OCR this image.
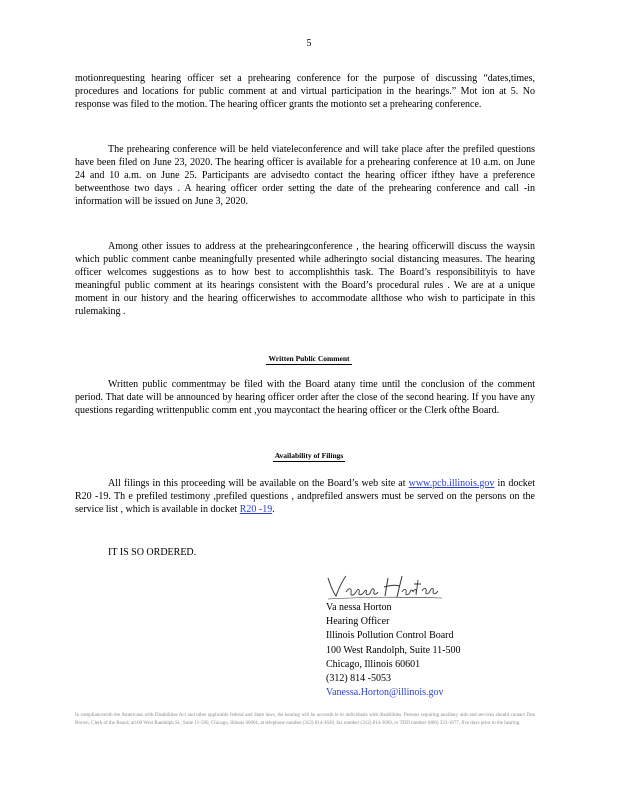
5

motionrequesting hearing officer set a prehearing conference for the purpose of discussing “dates,times, procedures and locations for public comment at and virtual participation in the hearings.” Mot ion at 5. No response was filed to the motion. The hearing officer grants the motionto set a prehearing conference.

The prehearing conference will be held viateleconference and will take place after the prefiled questions have been filed on June 23, 2020. The hearing officer is available for a prehearing conference at 10 a.m. on June 24 and 10 a.m. on June 25. Participants are advisedto contact the hearing officer ifthey have a preference betweenthose two days . A hearing officer order setting the date of the prehearing conference and call -in information will be issued on June 3, 2020.

Among other issues to address at the prehearingconference , the hearing officerwill discuss the waysin which public comment canbe meaningfully presented while adheringto social distancing measures. The hearing officer welcomes suggestions as to how best to accomplishthis task. The Board’s responsibilityis to have meaningful public comment at its hearings consistent with the Board’s procedural rules . We are at a unique moment in our history and the hearing officerwishes to accommodate allthose who wish to participate in this rulemaking .

Written Public Comment

Written public commentmay be filed with the Board atany time until the conclusion of the comment period. That date will be announced by hearing officer order after the close of the second hearing. If you have any questions regarding writtenpublic comm ent ,you maycontact the hearing officer or the Clerk ofthe Board.

Availability of Filings

All filings in this proceeding will be available on the Board’s web site at www.pcb.illinois.gov in docket R20 -19. Th e prefiled testimony ,prefiled questions , andprefiled answers must be served on the persons on the service list , which is available in docket R20 -19.

IT IS SO ORDERED.
Va nessa Horton
Hearing Officer
Illinois Pollution Control Board
100 West Randolph, Suite 11-500
Chicago, Illinois 60601
(312) 814 -5053
Vanessa.Horton@illinois.gov

In compliancewith the Americans with Disabilities Act and other applicable federal and State laws, the hearing will be accessib le to individuals with disabilities. Persons requiring auxiliary aids and services should contact Don Brown, Clerk of the Board, at100 West Randolph St., Suite 11-500, Chicago, Illinois 60601, at telephone number (312) 814-3620, fax number (312) 814-3669, or TDD number (866) 323-1677, five days prior to the hearing.
